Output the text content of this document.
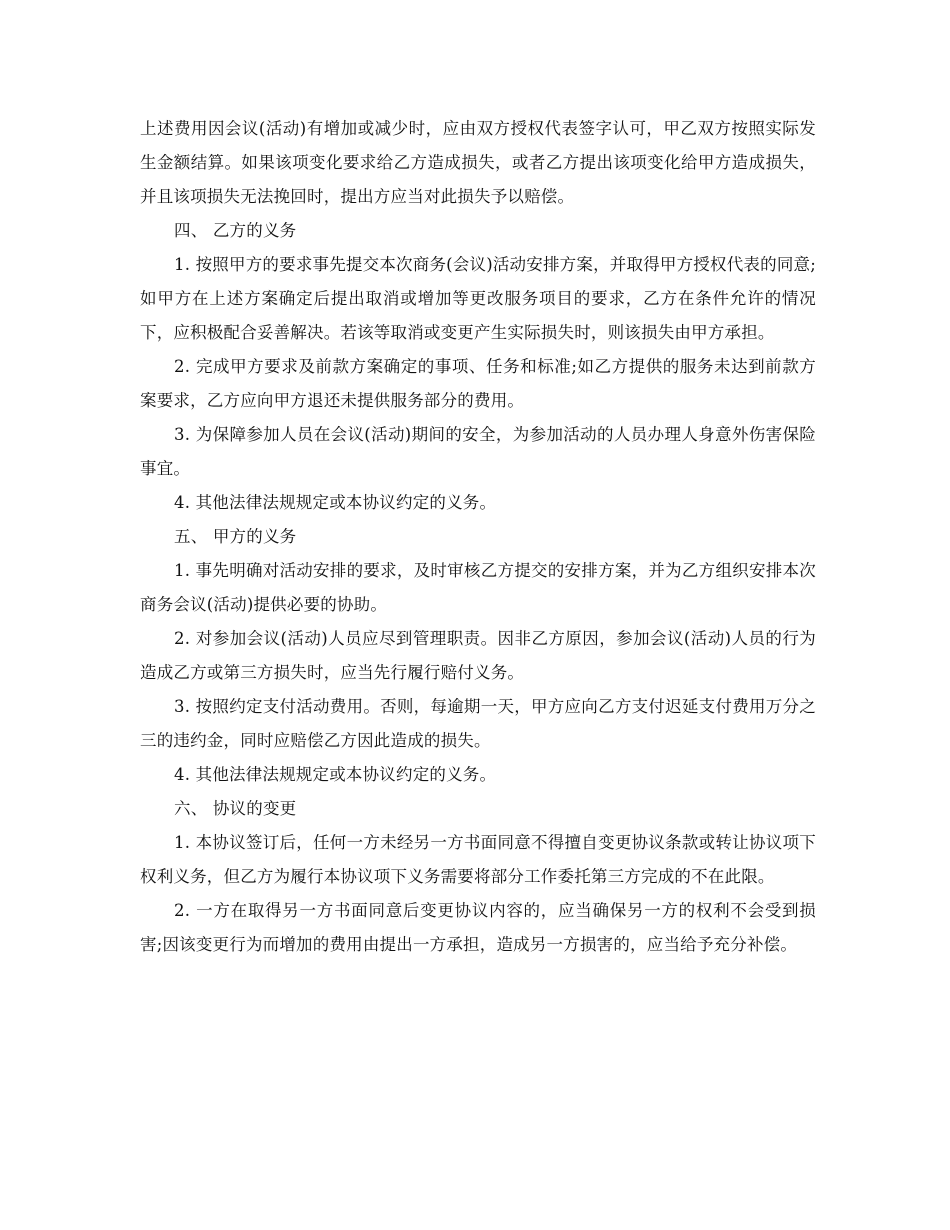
上述费用因会议(活动)有增加或减少时，应由双方授权代表签字认可，甲乙双方按照实际发生金额结算。如果该项变化要求给乙方造成损失，或者乙方提出该项变化给甲方造成损失，并且该项损失无法挽回时，提出方应当对此损失予以赔偿。

四、 乙方的义务

1. 按照甲方的要求事先提交本次商务(会议)活动安排方案，并取得甲方授权代表的同意;如甲方在上述方案确定后提出取消或增加等更改服务项目的要求，乙方在条件允许的情况下，应积极配合妥善解决。若该等取消或变更产生实际损失时，则该损失由甲方承担。

2. 完成甲方要求及前款方案确定的事项、任务和标准;如乙方提供的服务未达到前款方案要求，乙方应向甲方退还未提供服务部分的费用。

3. 为保障参加人员在会议(活动)期间的安全，为参加活动的人员办理人身意外伤害保险事宜。

4. 其他法律法规规定或本协议约定的义务。

五、 甲方的义务

1. 事先明确对活动安排的要求，及时审核乙方提交的安排方案，并为乙方组织安排本次商务会议(活动)提供必要的协助。

2. 对参加会议(活动)人员应尽到管理职责。因非乙方原因，参加会议(活动)人员的行为造成乙方或第三方损失时，应当先行履行赔付义务。

3. 按照约定支付活动费用。否则，每逾期一天，甲方应向乙方支付迟延支付费用万分之三的违约金，同时应赔偿乙方因此造成的损失。

4. 其他法律法规规定或本协议约定的义务。

六、 协议的变更

1. 本协议签订后，任何一方未经另一方书面同意不得擅自变更协议条款或转让协议项下权利义务，但乙方为履行本协议项下义务需要将部分工作委托第三方完成的不在此限。

2. 一方在取得另一方书面同意后变更协议内容的，应当确保另一方的权利不会受到损害;因该变更行为而增加的费用由提出一方承担，造成另一方损害的，应当给予充分补偿。
